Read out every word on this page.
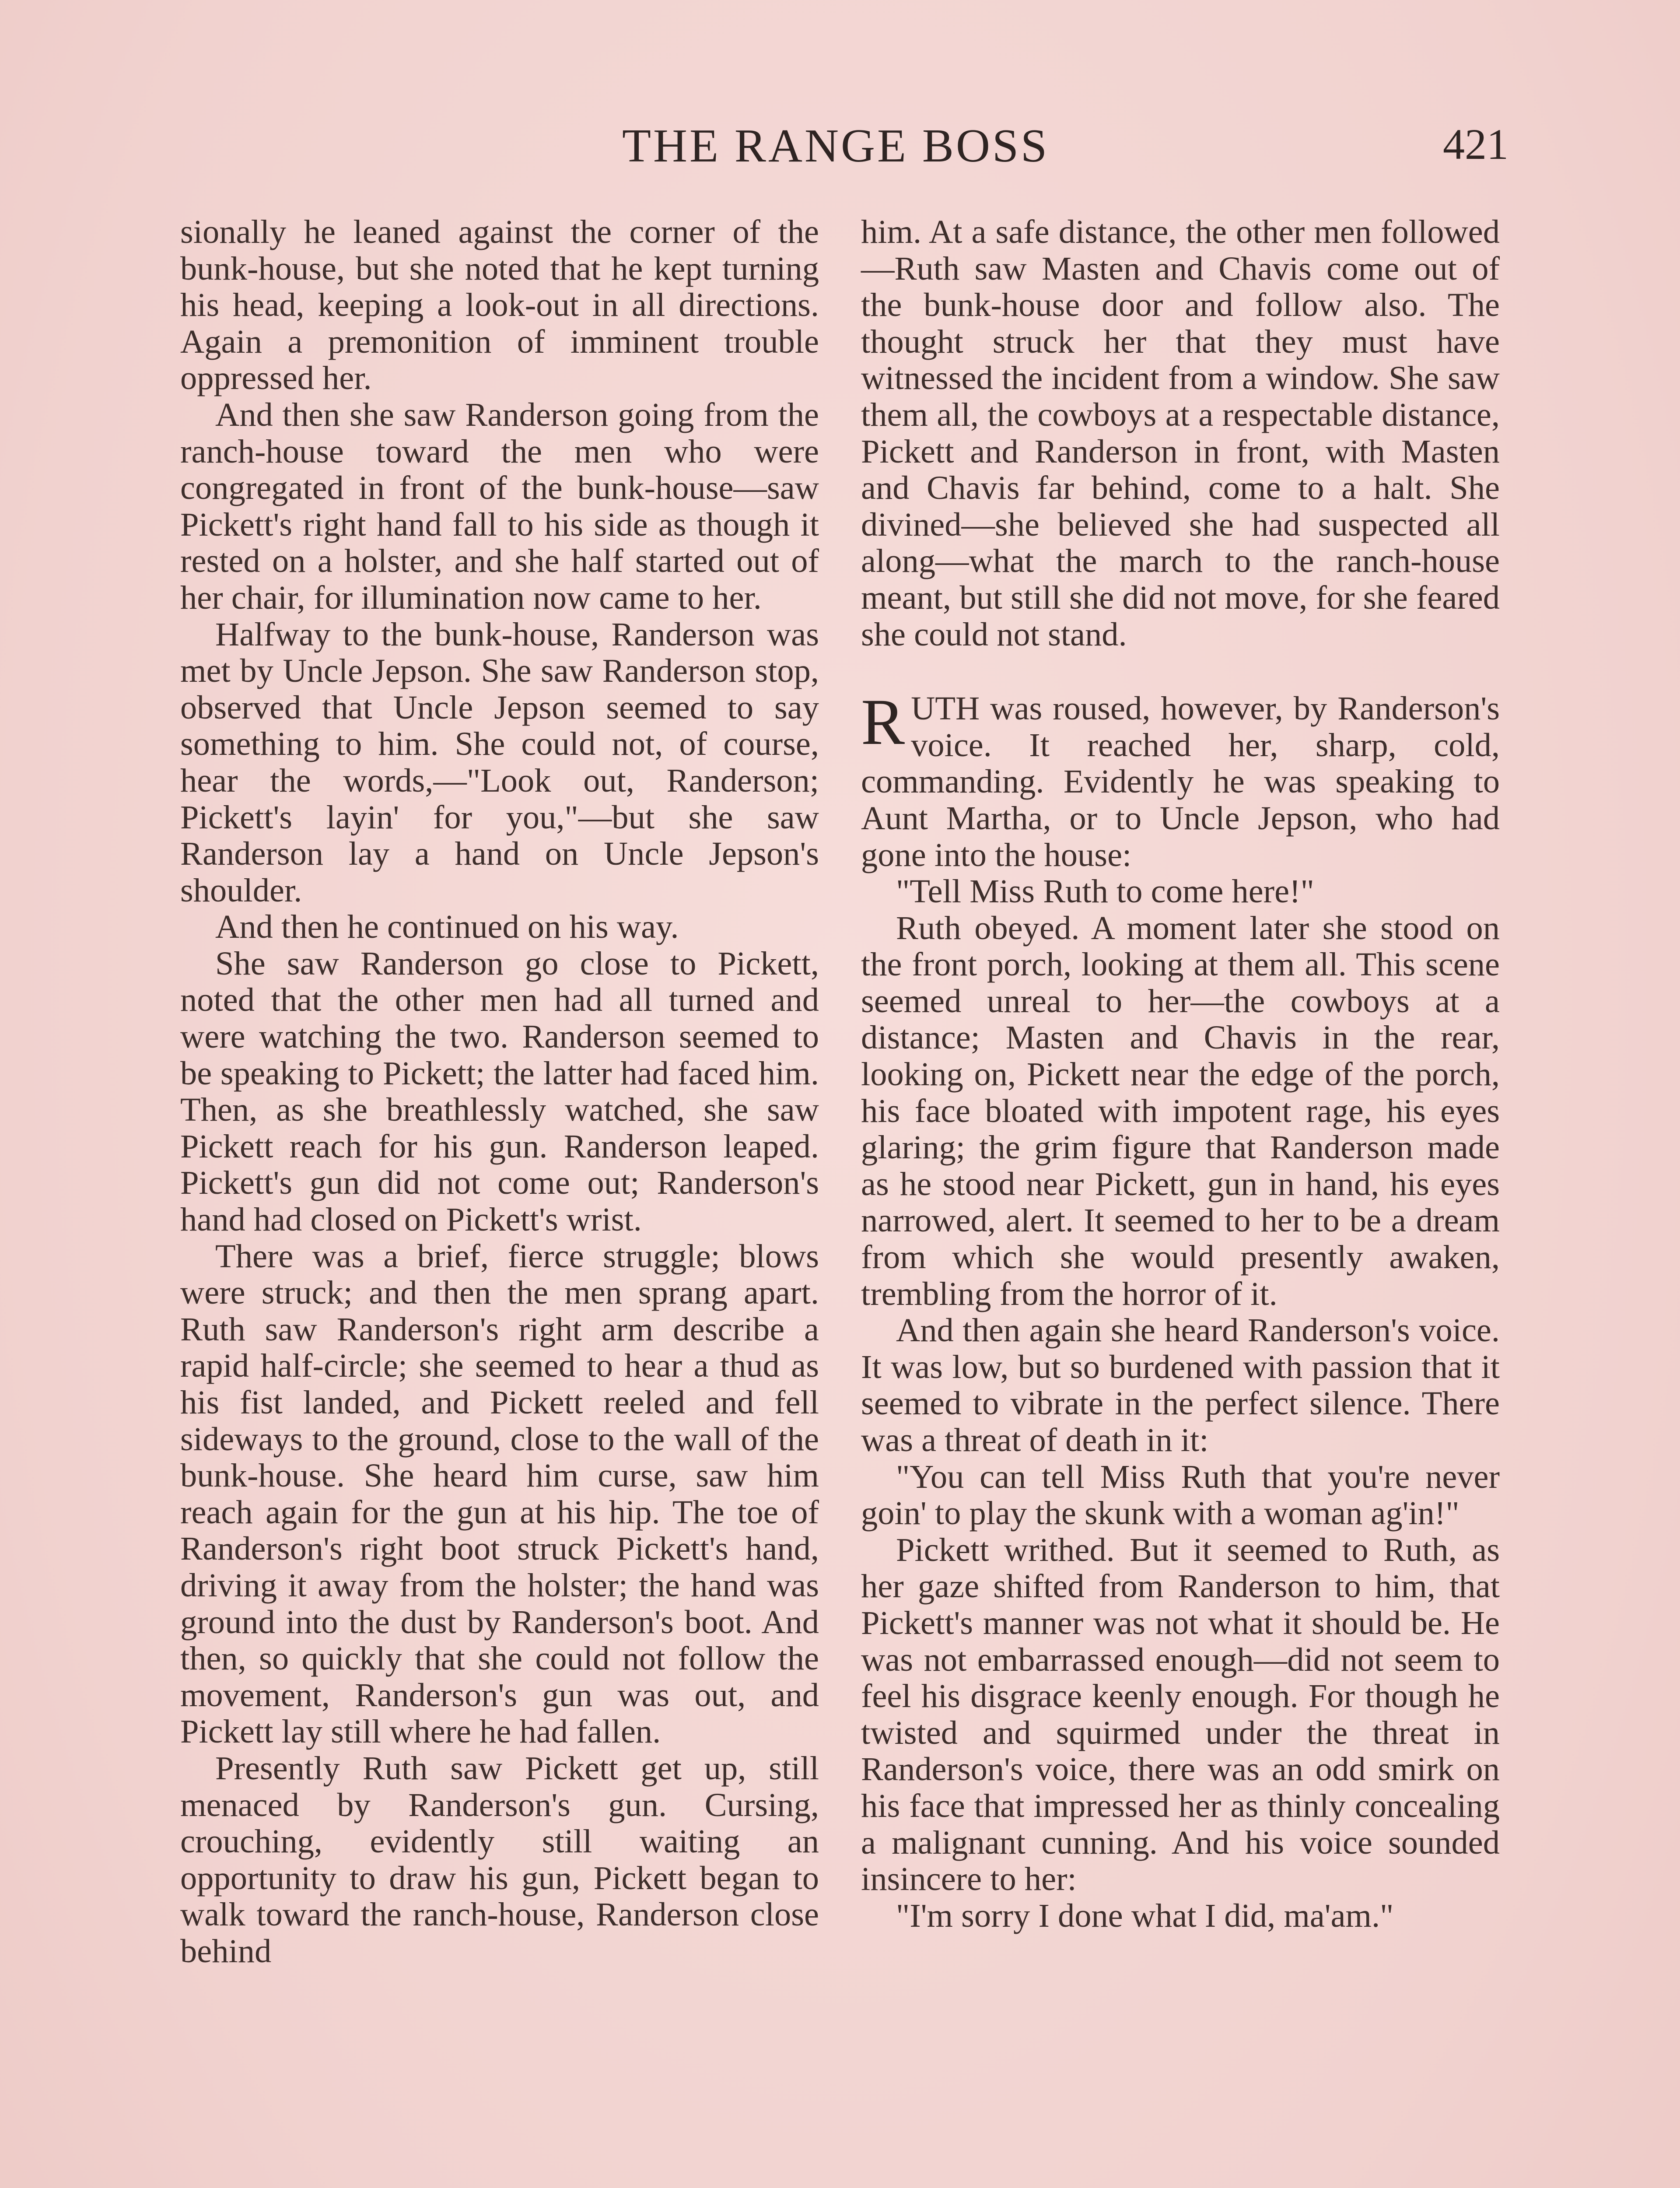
THE RANGE BOSS	421

sionally he leaned against the corner of the bunk-house, but she noted that he kept turning his head, keeping a look-out in all directions. Again a premonition of imminent trouble oppressed her.

And then she saw Randerson going from the ranch-house toward the men who were congregated in front of the bunk-house—saw Pickett's right hand fall to his side as though it rested on a holster, and she half started out of her chair, for illumination now came to her.

Halfway to the bunk-house, Randerson was met by Uncle Jepson. She saw Randerson stop, observed that Uncle Jepson seemed to say something to him. She could not, of course, hear the words,—"Look out, Randerson; Pickett's layin' for you,"—but she saw Randerson lay a hand on Uncle Jepson's shoulder.

And then he continued on his way.

She saw Randerson go close to Pickett, noted that the other men had all turned and were watching the two. Randerson seemed to be speaking to Pickett; the latter had faced him. Then, as she breathlessly watched, she saw Pickett reach for his gun. Randerson leaped. Pickett's gun did not come out; Randerson's hand had closed on Pickett's wrist.

There was a brief, fierce struggle; blows were struck; and then the men sprang apart. Ruth saw Randerson's right arm describe a rapid half-circle; she seemed to hear a thud as his fist landed, and Pickett reeled and fell sideways to the ground, close to the wall of the bunk-house. She heard him curse, saw him reach again for the gun at his hip. The toe of Randerson's right boot struck Pickett's hand, driving it away from the holster; the hand was ground into the dust by Randerson's boot. And then, so quickly that she could not follow the movement, Randerson's gun was out, and Pickett lay still where he had fallen.

Presently Ruth saw Pickett get up, still menaced by Randerson's gun. Cursing, crouching, evidently still waiting an opportunity to draw his gun, Pickett began to walk toward the ranch-house, Randerson close behind

him. At a safe distance, the other men followed—Ruth saw Masten and Chavis come out of the bunk-house door and follow also. The thought struck her that they must have witnessed the incident from a window. She saw them all, the cowboys at a respectable distance, Pickett and Randerson in front, with Masten and Chavis far behind, come to a halt. She divined—she believed she had suspected all along—what the march to the ranch-house meant, but still she did not move, for she feared she could not stand.

RUTH was roused, however, by Randerson's voice. It reached her, sharp, cold, commanding. Evidently he was speaking to Aunt Martha, or to Uncle Jepson, who had gone into the house:

"Tell Miss Ruth to come here!"

Ruth obeyed. A moment later she stood on the front porch, looking at them all. This scene seemed unreal to her—the cowboys at a distance; Masten and Chavis in the rear, looking on, Pickett near the edge of the porch, his face bloated with impotent rage, his eyes glaring; the grim figure that Randerson made as he stood near Pickett, gun in hand, his eyes narrowed, alert. It seemed to her to be a dream from which she would presently awaken, trembling from the horror of it.

And then again she heard Randerson's voice. It was low, but so burdened with passion that it seemed to vibrate in the perfect silence. There was a threat of death in it:

"You can tell Miss Ruth that you're never goin' to play the skunk with a woman ag'in!"

Pickett writhed. But it seemed to Ruth, as her gaze shifted from Randerson to him, that Pickett's manner was not what it should be. He was not embarrassed enough—did not seem to feel his disgrace keenly enough. For though he twisted and squirmed under the threat in Randerson's voice, there was an odd smirk on his face that impressed her as thinly concealing a malignant cunning. And his voice sounded insincere to her:

"I'm sorry I done what I did, ma'am."
